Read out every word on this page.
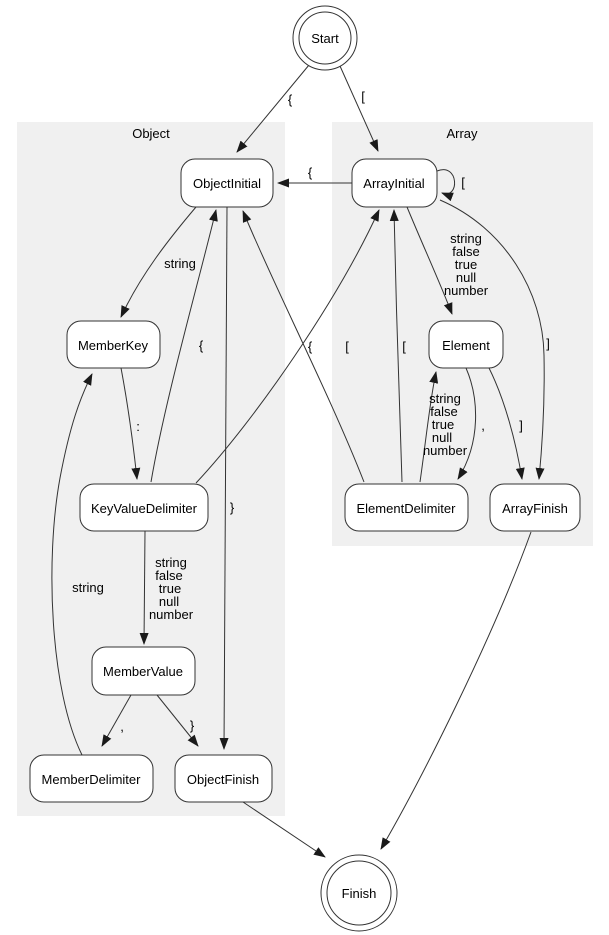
Object	Array
{	[
{
[
string
:
{
}
{	[	[	]
,	]
,	}
string
string
false
true
null
number
string
false
true
null
number
string
false
true
null
number
Start
ObjectInitial	ArrayInitial
MemberKey	Element
KeyValueDelimiter	ElementDelimiter	ArrayFinish
MemberValue
MemberDelimiter	ObjectFinish
Finish
